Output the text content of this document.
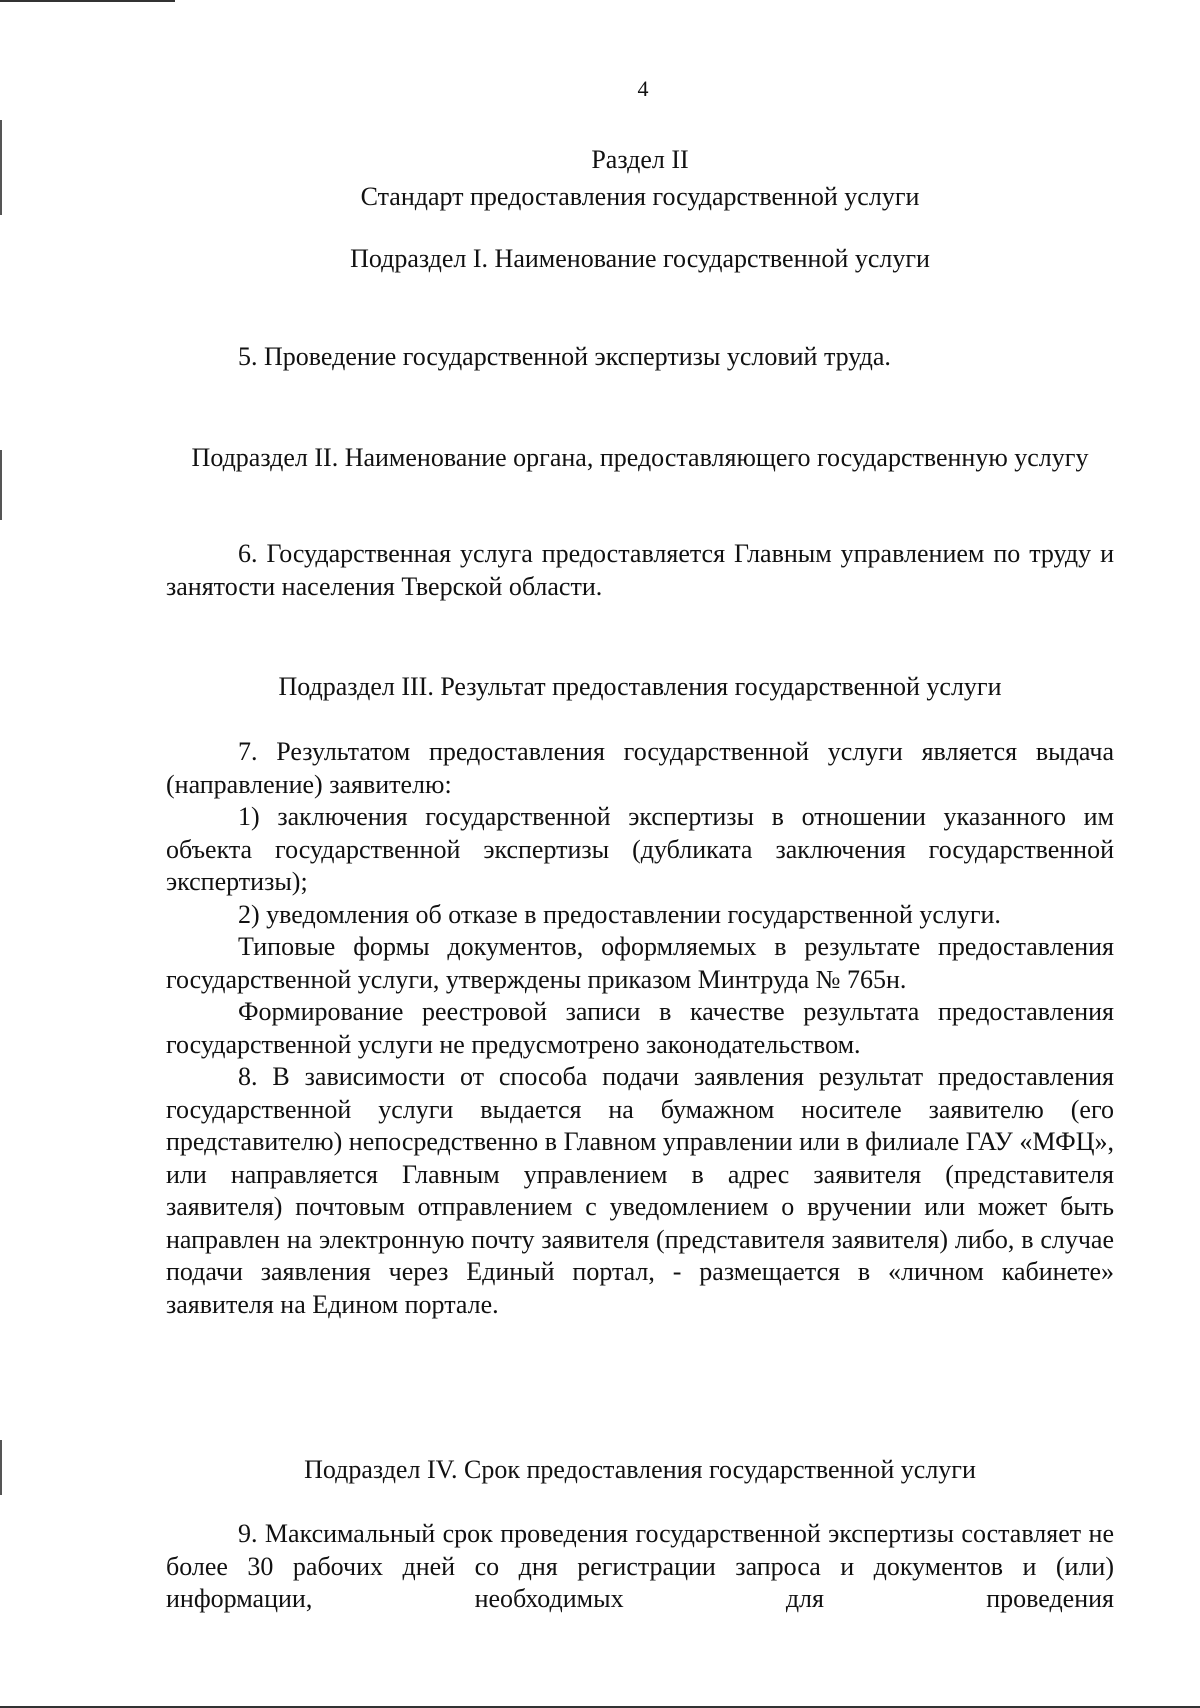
4
Раздел II
Стандарт предоставления государственной услуги
Подраздел I. Наименование государственной услуги

5. Проведение государственной экспертизы условий труда.

Подраздел II. Наименование органа, предоставляющего государственную услугу

6. Государственная услуга предоставляется Главным управлением по труду и занятости населения Тверской области.

Подраздел III. Результат предоставления государственной услуги

7. Результатом предоставления государственной услуги является выдача (направление) заявителю:

1) заключения государственной экспертизы в отношении указанного им объекта государственной экспертизы (дубликата заключения государственной экспертизы);

2) уведомления об отказе в предоставлении государственной услуги.

Типовые формы документов, оформляемых в результате предоставления государственной услуги, утверждены приказом Минтруда № 765н.

Формирование реестровой записи в качестве результата предоставления государственной услуги не предусмотрено законодательством.

8. В зависимости от способа подачи заявления результат предоставления государственной услуги выдается на бумажном носителе заявителю (его представителю) непосредственно в Главном управлении или в филиале ГАУ «МФЦ», или направляется Главным управлением в адрес заявителя (представителя заявителя) почтовым отправлением с уведомлением о вручении или может быть направлен на электронную почту заявителя (представителя заявителя) либо, в случае подачи заявления через Единый портал, - размещается в «личном кабинете» заявителя на Едином портале.

Подраздел IV. Срок предоставления государственной услуги

9. Максимальный срок проведения государственной экспертизы составляет не более 30 рабочих дней со дня регистрации запроса и документов и (или) информации, необходимых для проведения
